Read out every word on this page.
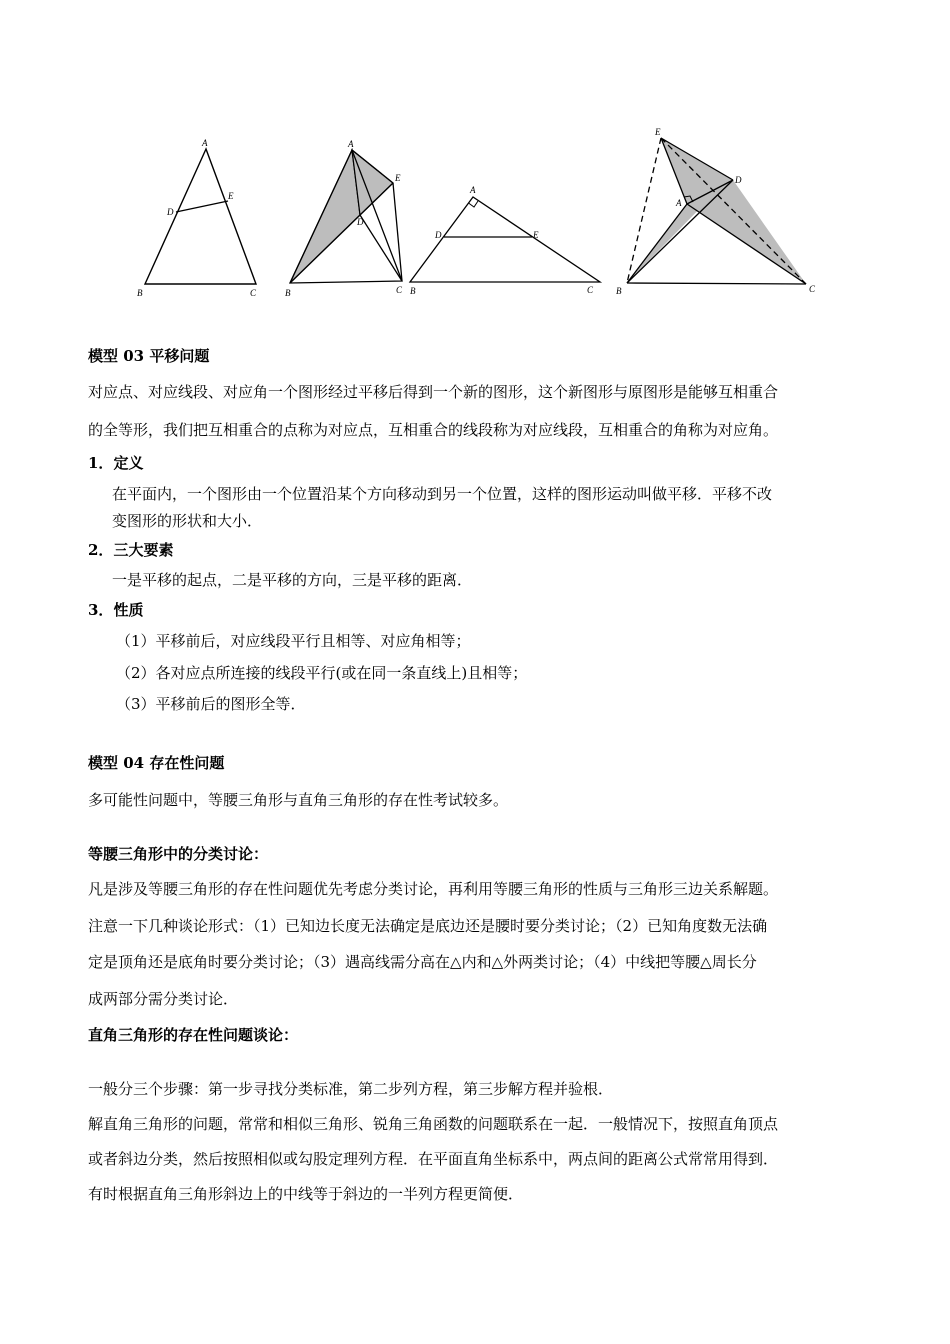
A
D
E
B	C
A
E
D
B	C
A
D	E
B	C
E
D
A
B	C
模型 03 平移问题
对应点、对应线段、对应角一个图形经过平移后得到一个新的图形，这个新图形与原图形是能够互相重合
的全等形，我们把互相重合的点称为对应点，互相重合的线段称为对应线段，互相重合的角称为对应角。
1．定义
在平面内，一个图形由一个位置沿某个方向移动到另一个位置，这样的图形运动叫做平移．平移不改
变图形的形状和大小．
2．三大要素
一是平移的起点，二是平移的方向，三是平移的距离．
3．性质
（1）平移前后，对应线段平行且相等、对应角相等；
（2）各对应点所连接的线段平行(或在同一条直线上)且相等；
（3）平移前后的图形全等．
模型 04 存在性问题
多可能性问题中，等腰三角形与直角三角形的存在性考试较多。
等腰三角形中的分类讨论：
凡是涉及等腰三角形的存在性问题优先考虑分类讨论，再利用等腰三角形的性质与三角形三边关系解题。
注意一下几种谈论形式：（1）已知边长度无法确定是底边还是腰时要分类讨论；（2）已知角度数无法确
定是顶角还是底角时要分类讨论；（3）遇高线需分高在△内和△外两类讨论；（4）中线把等腰△周长分
成两部分需分类讨论．
直角三角形的存在性问题谈论：
一般分三个步骤：第一步寻找分类标准，第二步列方程，第三步解方程并验根．
解直角三角形的问题，常常和相似三角形、锐角三角函数的问题联系在一起．一般情况下，按照直角顶点
或者斜边分类，然后按照相似或勾股定理列方程．在平面直角坐标系中，两点间的距离公式常常用得到．
有时根据直角三角形斜边上的中线等于斜边的一半列方程更简便．
